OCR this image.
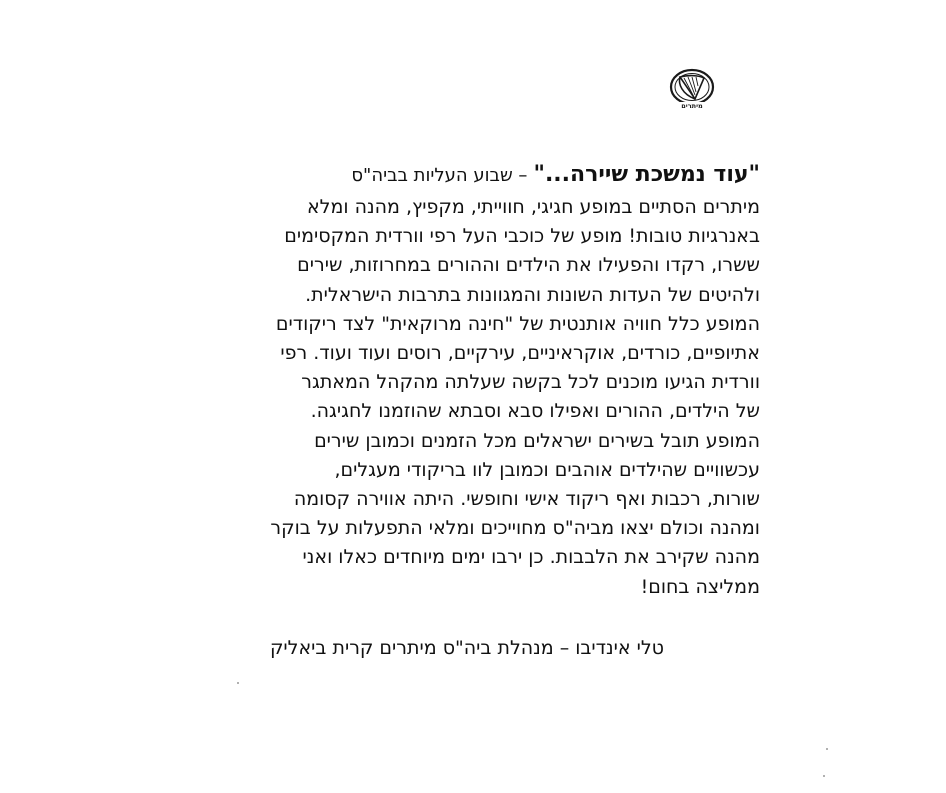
מיתרים
"עוד נמשכת שיירה..." – שבוע העליות בביה"ס
מיתרים הסתיים במופע חגיגי, חווייתי, מקפיץ, מהנה ומלא
באנרגיות טובות! מופע של כוכבי העל רפי וורדית המקסימים
ששרו, רקדו והפעילו את הילדים וההורים במחרוזות, שירים
ולהיטים של העדות השונות והמגוונות בתרבות הישראלית.
המופע כלל חוויה אותנטית של "חינה מרוקאית" לצד ריקודים
אתיופיים, כורדים, אוקראיניים, עירקיים, רוסים ועוד ועוד. רפי
וורדית הגיעו מוכנים לכל בקשה שעלתה מהקהל המאתגר
של הילדים, ההורים ואפילו סבא וסבתא שהוזמנו לחגיגה.
המופע תובל בשירים ישראלים מכל הזמנים וכמובן שירים
עכשוויים שהילדים אוהבים וכמובן לוו בריקודי מעגלים,
שורות, רכבות ואף ריקוד אישי וחופשי. היתה אווירה קסומה
ומהנה וכולם יצאו מביה"ס מחוייכים ומלאי התפעלות על בוקר
מהנה שקירב את הלבבות. כן ירבו ימים מיוחדים כאלו ואני
ממליצה בחום!
טלי אינדיבו – מנהלת ביה"ס מיתרים קרית ביאליק
